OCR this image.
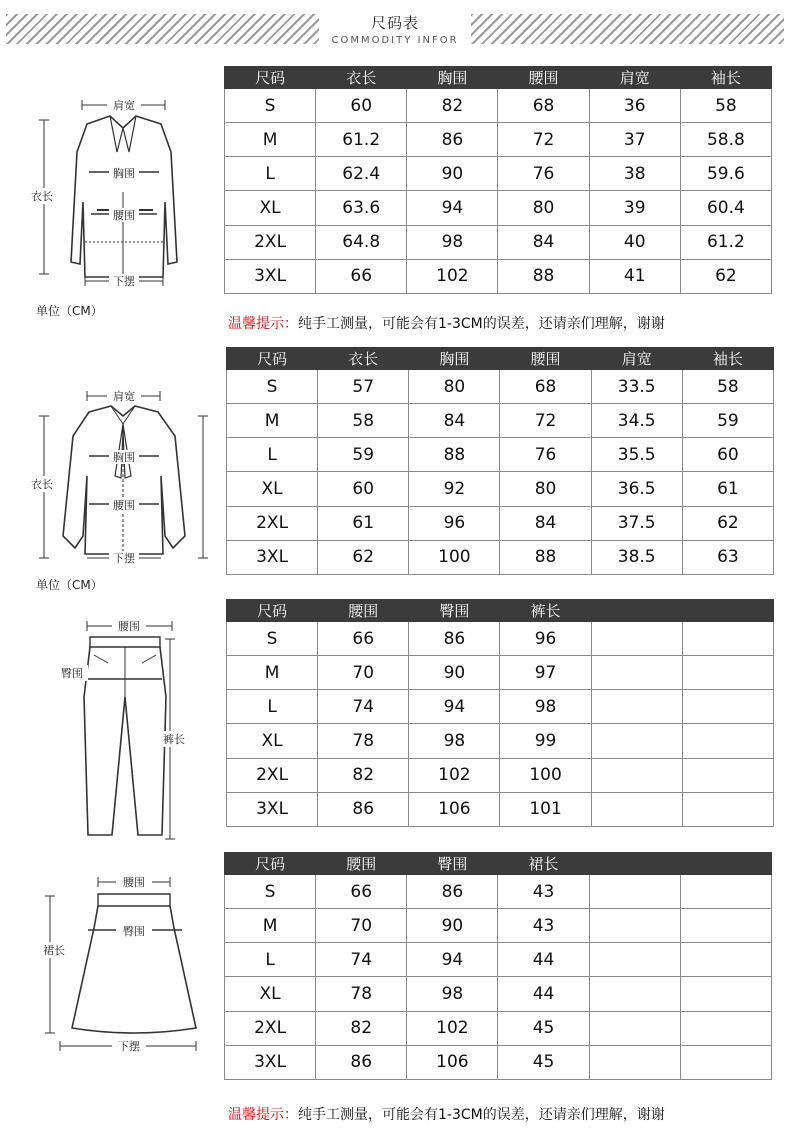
尺码表
COMMODITY INFOR
肩宽
衣长
胸围
腰围
下摆
单位（CM）
尺码	衣长	胸围	腰围	肩宽	袖长
S	60	82	68	36	58
M	61.2	86	72	37	58.8
L	62.4	90	76	38	59.6
XL	63.6	94	80	39	60.4
2XL	64.8	98	84	40	61.2
3XL	66	102	88	41	62
温馨提示：纯手工测量，可能会有1-3CM的误差，还请亲们理解，谢谢
肩宽
衣长
胸围
腰围
下摆
单位（CM）
尺码	衣长	胸围	腰围	肩宽	袖长
S	57	80	68	33.5	58
M	58	84	72	34.5	59
L	59	88	76	35.5	60
XL	60	92	80	36.5	61
2XL	61	96	84	37.5	62
3XL	62	100	88	38.5	63
腰围
臀围
裤长
尺码	腰围	臀围	裤长		
S	66	86	96		
M	70	90	97		
L	74	94	98		
XL	78	98	99		
2XL	82	102	100		
3XL	86	106	101		
腰围
裙长
臀围
下摆
尺码	腰围	臀围	裙长		
S	66	86	43		
M	70	90	43		
L	74	94	44		
XL	78	98	44		
2XL	82	102	45		
3XL	86	106	45		
温馨提示：纯手工测量，可能会有1-3CM的误差，还请亲们理解，谢谢
